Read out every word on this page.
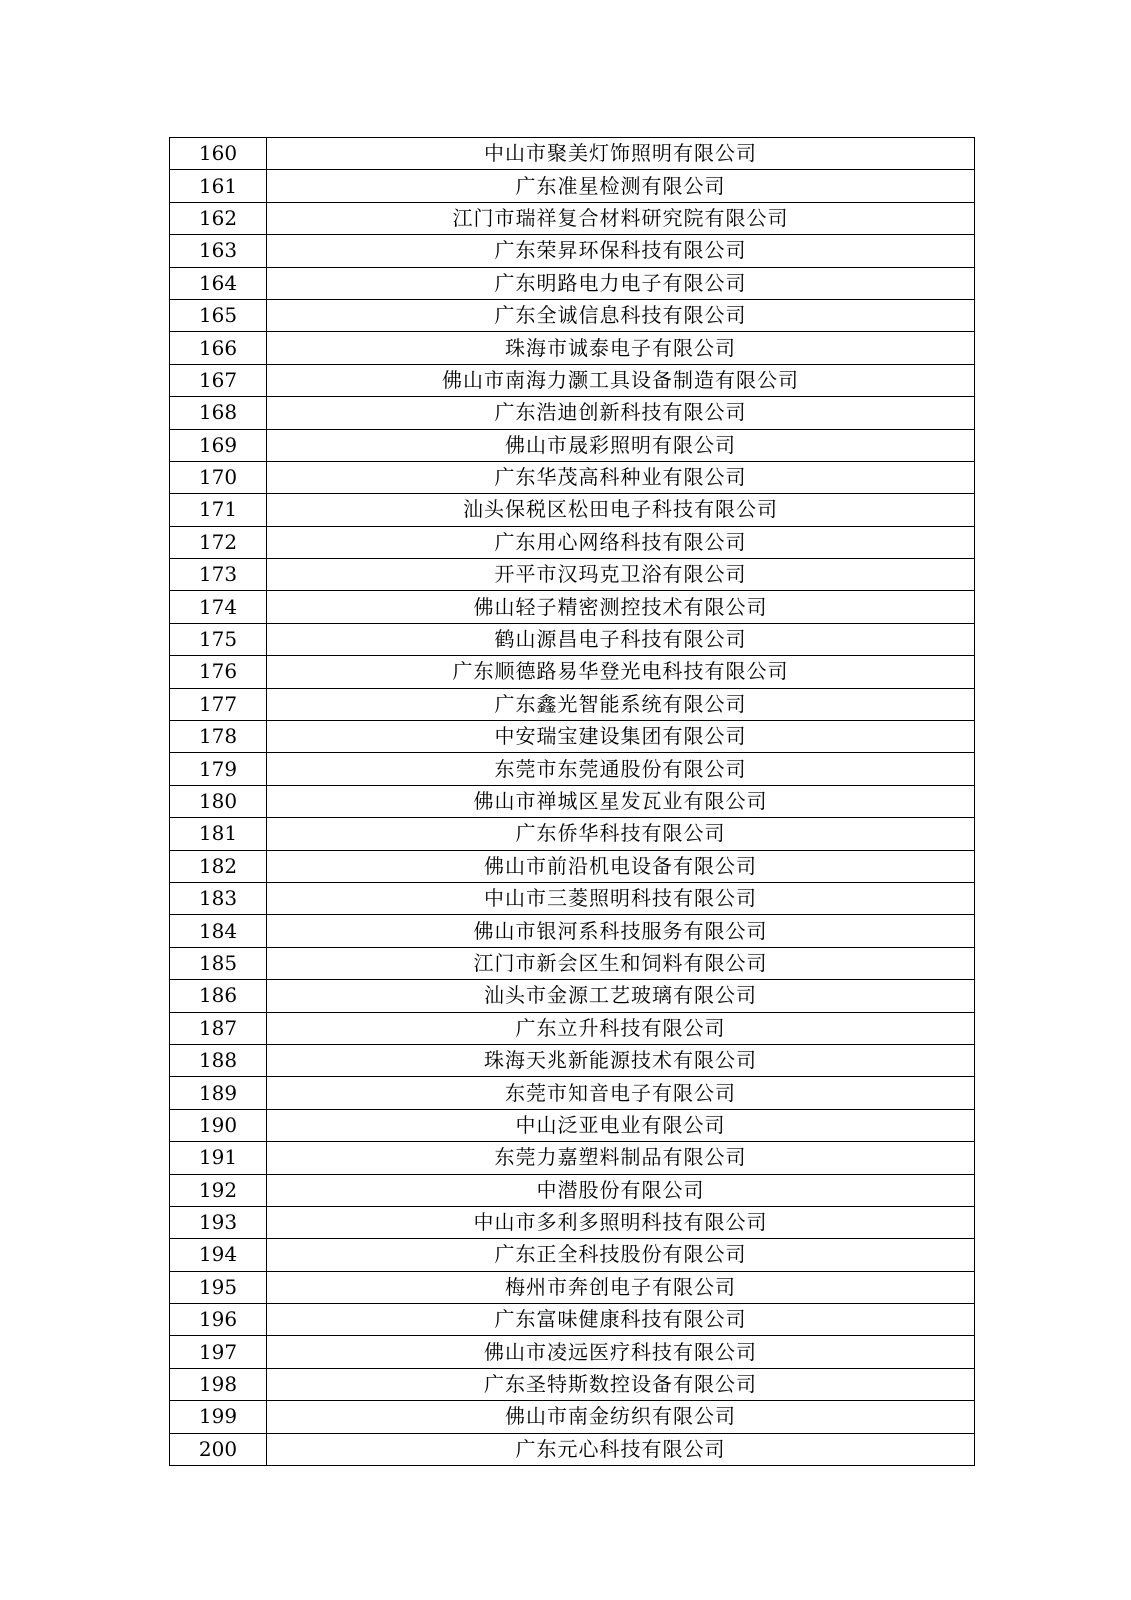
160	中山市聚美灯饰照明有限公司
161	广东准星检测有限公司
162	江门市瑞祥复合材料研究院有限公司
163	广东荣昇环保科技有限公司
164	广东明路电力电子有限公司
165	广东全诚信息科技有限公司
166	珠海市诚泰电子有限公司
167	佛山市南海力灏工具设备制造有限公司
168	广东浩迪创新科技有限公司
169	佛山市晟彩照明有限公司
170	广东华茂高科种业有限公司
171	汕头保税区松田电子科技有限公司
172	广东用心网络科技有限公司
173	开平市汉玛克卫浴有限公司
174	佛山轻子精密测控技术有限公司
175	鹤山源昌电子科技有限公司
176	广东顺德路易华登光电科技有限公司
177	广东鑫光智能系统有限公司
178	中安瑞宝建设集团有限公司
179	东莞市东莞通股份有限公司
180	佛山市禅城区星发瓦业有限公司
181	广东侨华科技有限公司
182	佛山市前沿机电设备有限公司
183	中山市三菱照明科技有限公司
184	佛山市银河系科技服务有限公司
185	江门市新会区生和饲料有限公司
186	汕头市金源工艺玻璃有限公司
187	广东立升科技有限公司
188	珠海天兆新能源技术有限公司
189	东莞市知音电子有限公司
190	中山泛亚电业有限公司
191	东莞力嘉塑料制品有限公司
192	中潜股份有限公司
193	中山市多利多照明科技有限公司
194	广东正全科技股份有限公司
195	梅州市奔创电子有限公司
196	广东富味健康科技有限公司
197	佛山市凌远医疗科技有限公司
198	广东圣特斯数控设备有限公司
199	佛山市南金纺织有限公司
200	广东元心科技有限公司
